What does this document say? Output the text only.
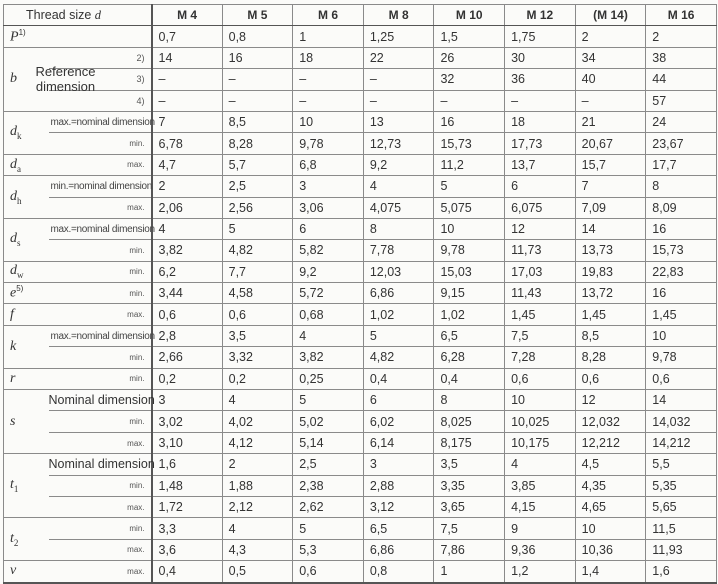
Thread size d		M 4	M 5	M 6	M 8	M 10	M 12	(M 14)	M 16
$P^{1)}$		0,7	0,8	1	1,25	1,5	1,75	2	2
b Reference dimension	2)	14	16	18	22	26	30	34	38
	3)	–	–	–	–	32	36	40	44
	4)	–	–	–	–	–	–	–	57
$d_k$	max.=nominal dimension	7	8,5	10	13	16	18	21	24
	min.	6,78	8,28	9,78	12,73	15,73	17,73	20,67	23,67
$d_a$	max.	4,7	5,7	6,8	9,2	11,2	13,7	15,7	17,7
$d_h$	min.=nominal dimension	2	2,5	3	4	5	6	7	8
	max.	2,06	2,56	3,06	4,075	5,075	6,075	7,09	8,09
$d_s$	max.=nominal dimension	4	5	6	8	10	12	14	16
	min.	3,82	4,82	5,82	7,78	9,78	11,73	13,73	15,73
$d_w$	min.	6,2	7,7	9,2	12,03	15,03	17,03	19,83	22,83
$e^{5)}$	min.	3,44	4,58	5,72	6,86	9,15	11,43	13,72	16
f	max.	0,6	0,6	0,68	1,02	1,02	1,45	1,45	1,45
k	max.=nominal dimension	2,8	3,5	4	5	6,5	7,5	8,5	10
	min.	2,66	3,32	3,82	4,82	6,28	7,28	8,28	9,78
r	min.	0,2	0,2	0,25	0,4	0,4	0,6	0,6	0,6
s	Nominal dimension	3	4	5	6	8	10	12	14
	min.	3,02	4,02	5,02	6,02	8,025	10,025	12,032	14,032
	max.	3,10	4,12	5,14	6,14	8,175	10,175	12,212	14,212
$t_1$	Nominal dimension	1,6	2	2,5	3	3,5	4	4,5	5,5
	min.	1,48	1,88	2,38	2,88	3,35	3,85	4,35	5,35
	max.	1,72	2,12	2,62	3,12	3,65	4,15	4,65	5,65
$t_2$	min.	3,3	4	5	6,5	7,5	9	10	11,5
	max.	3,6	4,3	5,3	6,86	7,86	9,36	10,36	11,93
v	max.	0,4	0,5	0,6	0,8	1	1,2	1,4	1,6
